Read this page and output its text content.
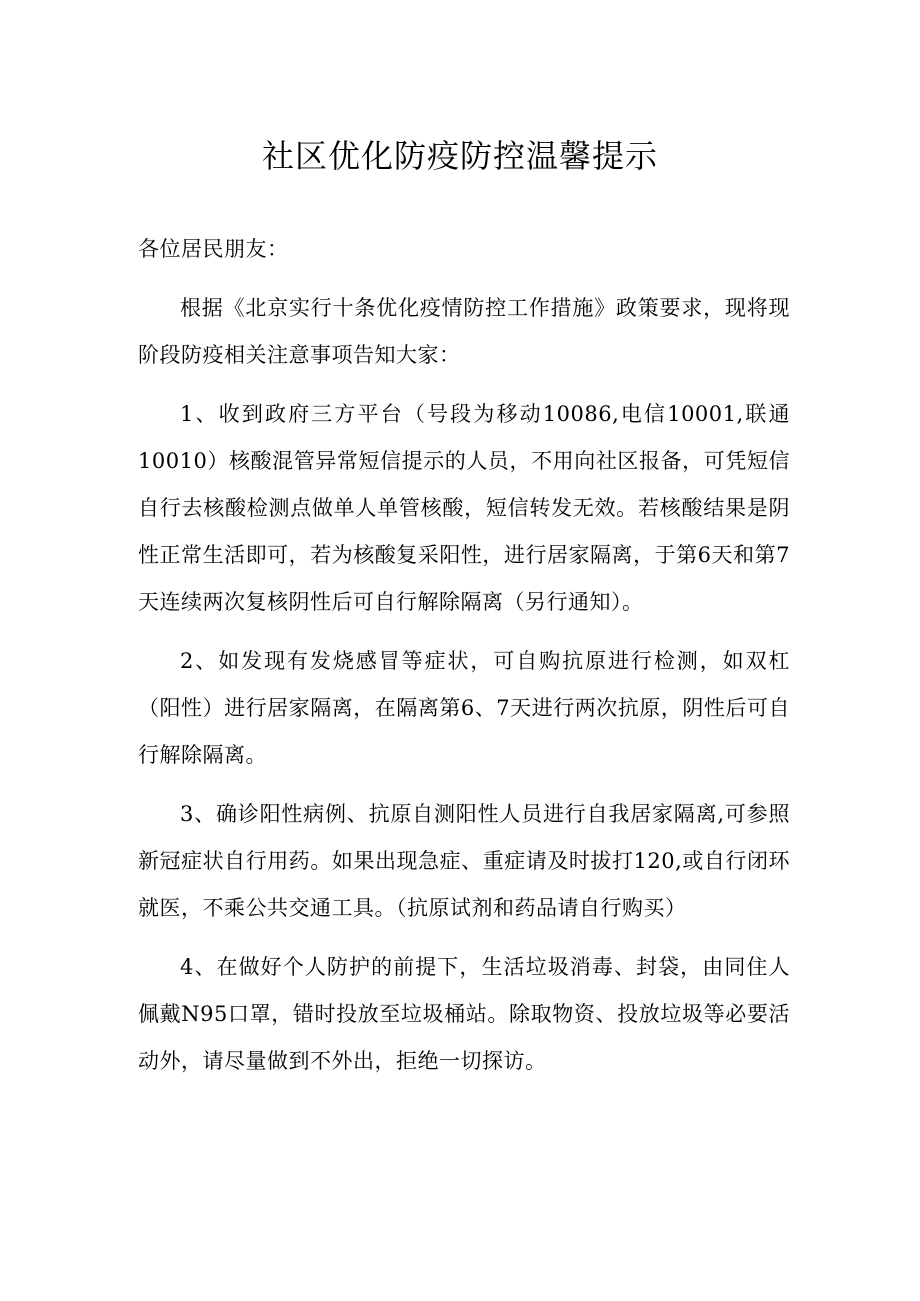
社区优化防疫防控温馨提示

各位居民朋友：

根据《北京实行十条优化疫情防控工作措施》政策要求，现将现阶段防疫相关注意事项告知大家：

1、收到政府三方平台（号段为移动10086,电信10001,联通10010）核酸混管异常短信提示的人员，不用向社区报备，可凭短信自行去核酸检测点做单人单管核酸，短信转发无效。若核酸结果是阴性正常生活即可，若为核酸复采阳性，进行居家隔离，于第6天和第7天连续两次复核阴性后可自行解除隔离（另行通知）。

2、如发现有发烧感冒等症状，可自购抗原进行检测，如双杠（阳性）进行居家隔离，在隔离第6、7天进行两次抗原，阴性后可自行解除隔离。

3、确诊阳性病例、抗原自测阳性人员进行自我居家隔离,可参照新冠症状自行用药。如果出现急症、重症请及时拔打120,或自行闭环就医，不乘公共交通工具。（抗原试剂和药品请自行购买）

4、在做好个人防护的前提下，生活垃圾消毒、封袋，由同住人佩戴N95口罩，错时投放至垃圾桶站。除取物资、投放垃圾等必要活动外，请尽量做到不外出，拒绝一切探访。
